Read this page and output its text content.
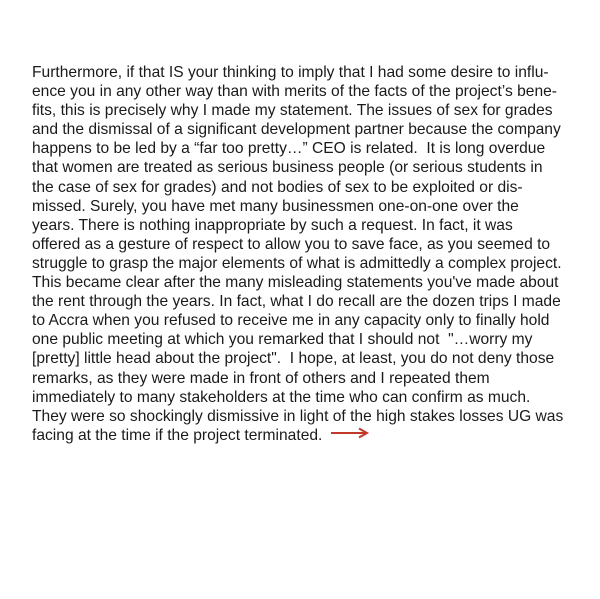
Furthermore, if that IS your thinking to imply that I had some desire to influ-
ence you in any other way than with merits of the facts of the project’s bene-
fits, this is precisely why I made my statement. The issues of sex for grades
and the dismissal of a significant development partner because the company
happens to be led by a “far too pretty…” CEO is related.  It is long overdue
that women are treated as serious business people (or serious students in
the case of sex for grades) and not bodies of sex to be exploited or dis-
missed. Surely, you have met many businessmen one-on-one over the
years. There is nothing inappropriate by such a request. In fact, it was
offered as a gesture of respect to allow you to save face, as you seemed to
struggle to grasp the major elements of what is admittedly a complex project.
This became clear after the many misleading statements you've made about
the rent through the years. In fact, what I do recall are the dozen trips I made
to Accra when you refused to receive me in any capacity only to finally hold
one public meeting at which you remarked that I should not  "…worry my
[pretty] little head about the project".  I hope, at least, you do not deny those
remarks, as they were made in front of others and I repeated them
immediately to many stakeholders at the time who can confirm as much.
They were so shockingly dismissive in light of the high stakes losses UG was
facing at the time if the project terminated.
